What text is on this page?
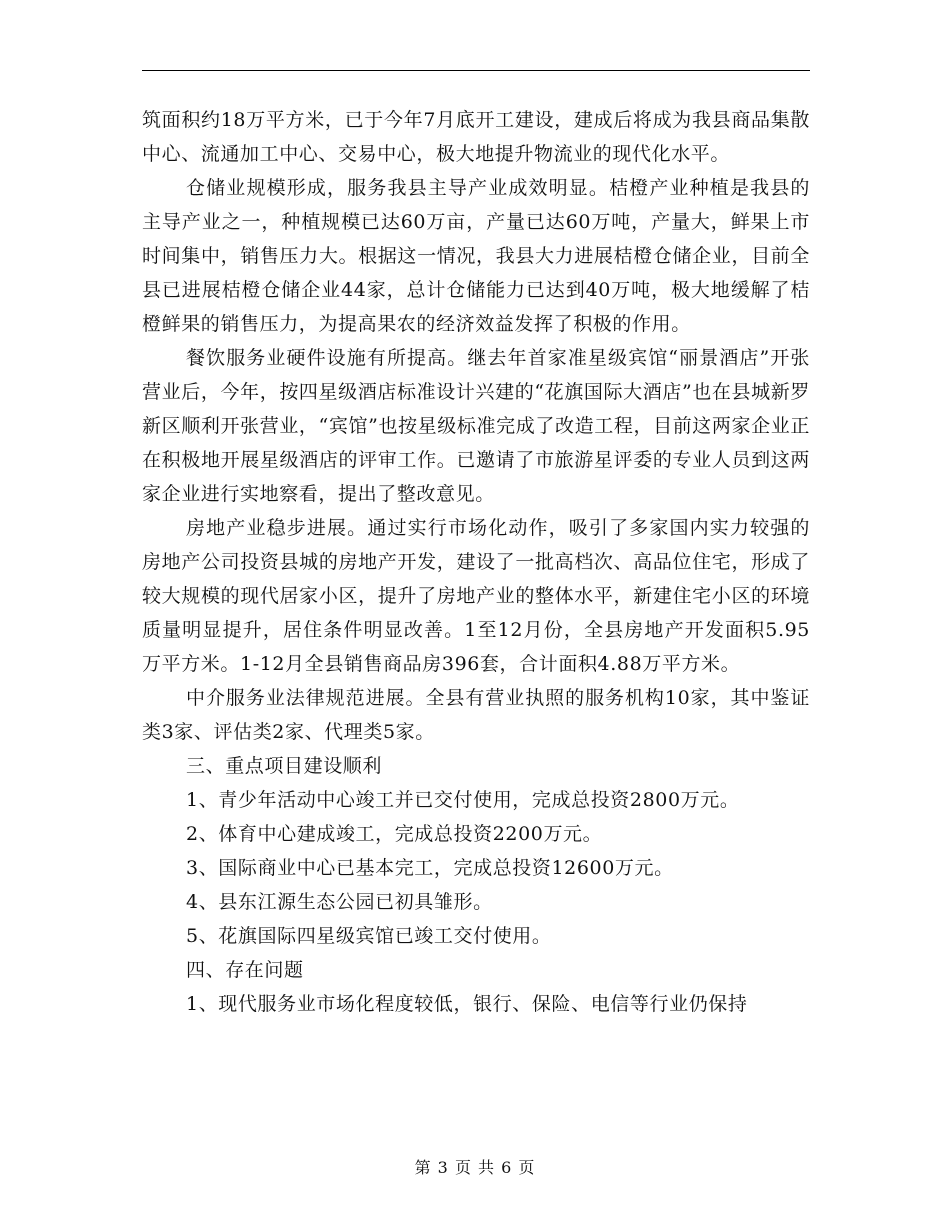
筑面积约18万平方米，已于今年7月底开工建设，建成后将成为我县商品集散中心、流通加工中心、交易中心，极大地提升物流业的现代化水平。

仓储业规模形成，服务我县主导产业成效明显。桔橙产业种植是我县的主导产业之一，种植规模已达60万亩，产量已达60万吨，产量大，鲜果上市时间集中，销售压力大。根据这一情况，我县大力进展桔橙仓储企业，目前全县已进展桔橙仓储企业44家，总计仓储能力已达到40万吨，极大地缓解了桔橙鲜果的销售压力，为提高果农的经济效益发挥了积极的作用。

餐饮服务业硬件设施有所提高。继去年首家准星级宾馆“丽景酒店”开张营业后，今年，按四星级酒店标准设计兴建的“花旗国际大酒店”也在县城新罗新区顺利开张营业，“宾馆”也按星级标准完成了改造工程，目前这两家企业正在积极地开展星级酒店的评审工作。已邀请了市旅游星评委的专业人员到这两家企业进行实地察看，提出了整改意见。

房地产业稳步进展。通过实行市场化动作，吸引了多家国内实力较强的房地产公司投资县城的房地产开发，建设了一批高档次、高品位住宅，形成了较大规模的现代居家小区，提升了房地产业的整体水平，新建住宅小区的环境质量明显提升，居住条件明显改善。1至12月份，全县房地产开发面积5.95万平方米。1-12月全县销售商品房396套，合计面积4.88万平方米。

中介服务业法律规范进展。全县有营业执照的服务机构10家，其中鉴证类3家、评估类2家、代理类5家。

三、重点项目建设顺利

1、青少年活动中心竣工并已交付使用，完成总投资2800万元。

2、体育中心建成竣工，完成总投资2200万元。

3、国际商业中心已基本完工，完成总投资12600万元。

4、县东江源生态公园已初具雏形。

5、花旗国际四星级宾馆已竣工交付使用。

四、存在问题

1、现代服务业市场化程度较低，银行、保险、电信等行业仍保持

第 3 页 共 6 页
